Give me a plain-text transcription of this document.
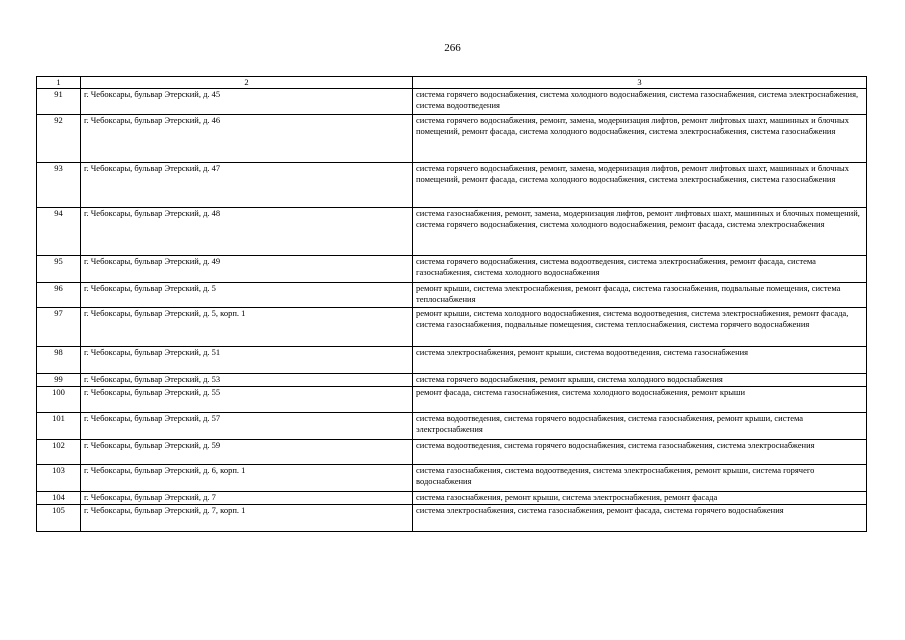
266
1	2	3
91	г. Чебоксары, бульвар Этерский, д. 45	система горячего водоснабжения, система холодного водоснабжения, система газоснабжения, система электроснабжения, система водоотведения
92	г. Чебоксары, бульвар Этерский, д. 46	система горячего водоснабжения, ремонт, замена, модернизация лифтов, ремонт лифтовых шахт, машинных и блочных помещений, ремонт фасада, система холодного водоснабжения, система электроснабжения, система газоснабжения
93	г. Чебоксары, бульвар Этерский, д. 47	система горячего водоснабжения, ремонт, замена, модернизация лифтов, ремонт лифтовых шахт, машинных и блочных помещений, ремонт фасада, система холодного водоснабжения, система электроснабжения, система газоснабжения
94	г. Чебоксары, бульвар Этерский, д. 48	система газоснабжения, ремонт, замена, модернизация лифтов, ремонт лифтовых шахт, машинных и блочных помещений, система горячего водоснабжения, система холодного водоснабжения, ремонт фасада, система электроснабжения
95	г. Чебоксары, бульвар Этерский, д. 49	система горячего водоснабжения, система водоотведения, система электроснабжения, ремонт фасада, система газоснабжения, система холодного водоснабжения
96	г. Чебоксары, бульвар Этерский, д. 5	ремонт крыши, система электроснабжения, ремонт фасада, система газоснабжения, подвальные помещения, система теплоснабжения
97	г. Чебоксары, бульвар Этерский, д. 5, корп. 1	ремонт крыши, система холодного водоснабжения, система водоотведения, система электроснабжения, ремонт фасада, система газоснабжения, подвальные помещения, система теплоснабжения, система горячего водоснабжения
98	г. Чебоксары, бульвар Этерский, д. 51	система электроснабжения, ремонт крыши, система водоотведения, система газоснабжения
99	г. Чебоксары, бульвар Этерский, д. 53	система горячего водоснабжения, ремонт крыши, система холодного водоснабжения
100	г. Чебоксары, бульвар Этерский, д. 55	ремонт фасада, система газоснабжения, система холодного водоснабжения, ремонт крыши
101	г. Чебоксары, бульвар Этерский, д. 57	система водоотведения, система горячего водоснабжения, система газоснабжения, ремонт крыши, система электроснабжения
102	г. Чебоксары, бульвар Этерский, д. 59	система водоотведения, система горячего водоснабжения, система газоснабжения, система электроснабжения
103	г. Чебоксары, бульвар Этерский, д. 6, корп. 1	система газоснабжения, система водоотведения, система электроснабжения, ремонт крыши, система горячего водоснабжения
104	г. Чебоксары, бульвар Этерский, д. 7	система газоснабжения, ремонт крыши, система электроснабжения, ремонт фасада
105	г. Чебоксары, бульвар Этерский, д. 7, корп. 1	система электроснабжения, система газоснабжения, ремонт фасада, система горячего водоснабжения
